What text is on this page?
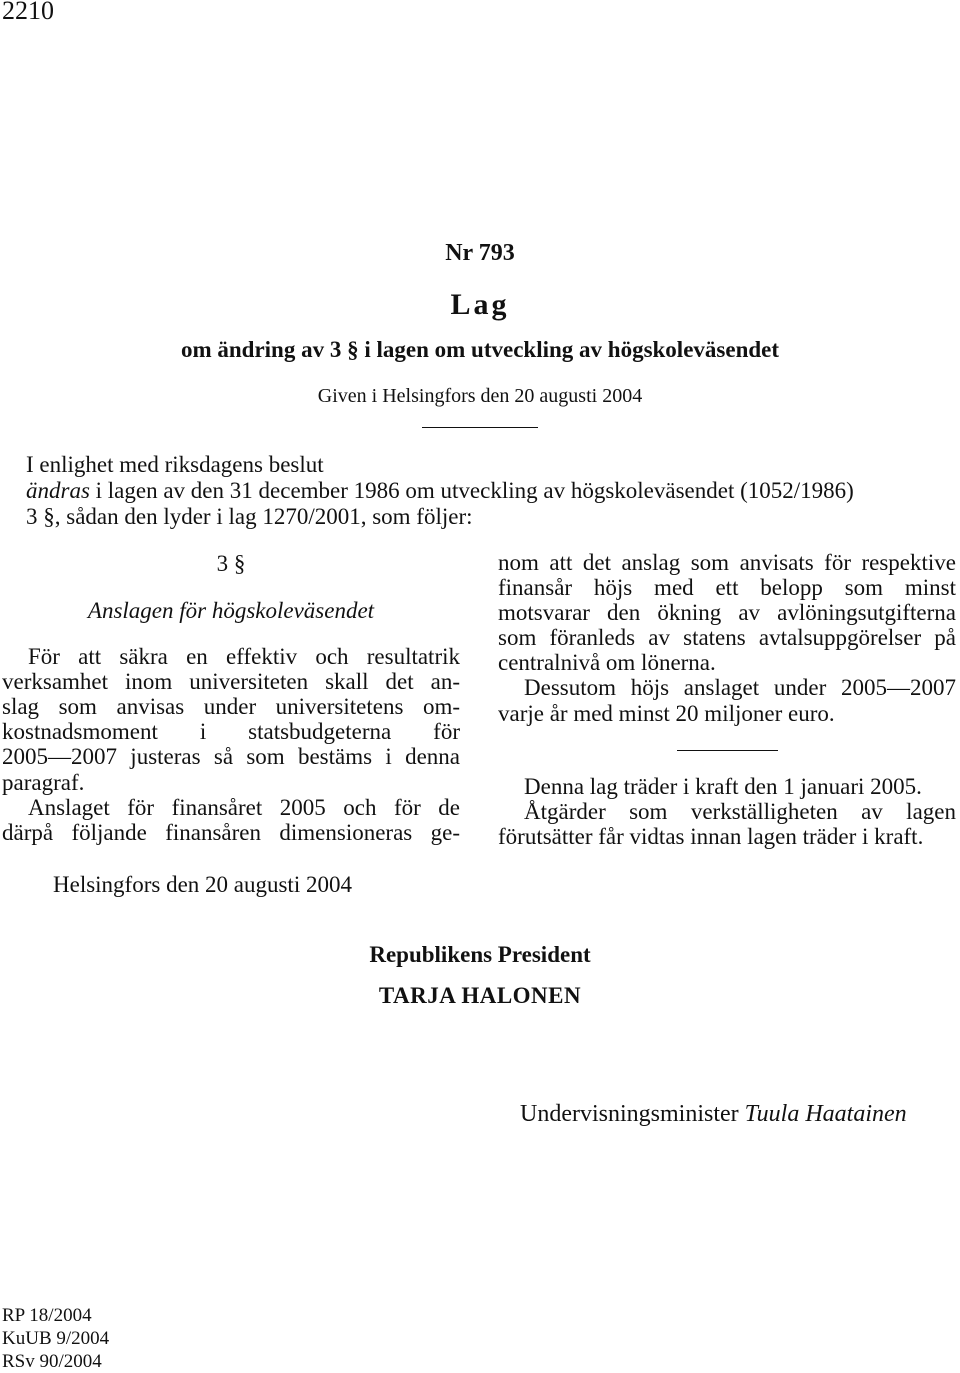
2210
Nr 793
Lag
om ändring av 3 § i lagen om utveckling av högskoleväsendet
Given i Helsingfors den 20 augusti 2004
I enlighet med riksdagens beslut
ändras i lagen av den 31 december 1986 om utveckling av högskoleväsendet (1052/1986)
3 §, sådan den lyder i lag 1270/2001, som följer:
3 §
Anslagen för högskoleväsendet
För att säkra en effektiv och resultatrik
verksamhet inom universiteten skall det an-
slag som anvisas under universitetens om-
kostnadsmoment i statsbudgeterna för
2005—2007 justeras så som bestäms i denna
paragraf.
Anslaget för finansåret 2005 och för de
därpå följande finansåren dimensioneras ge-
nom att det anslag som anvisats för respektive
finansår höjs med ett belopp som minst
motsvarar den ökning av avlöningsutgifterna
som föranleds av statens avtalsuppgörelser på
centralnivå om lönerna.
Dessutom höjs anslaget under 2005—2007
varje år med minst 20 miljoner euro.
Denna lag träder i kraft den 1 januari 2005.
Åtgärder som verkställigheten av lagen
förutsätter får vidtas innan lagen träder i kraft.
Helsingfors den 20 augusti 2004
Republikens President
TARJA HALONEN
Undervisningsminister Tuula Haatainen
RP 18/2004
KuUB 9/2004
RSv 90/2004
